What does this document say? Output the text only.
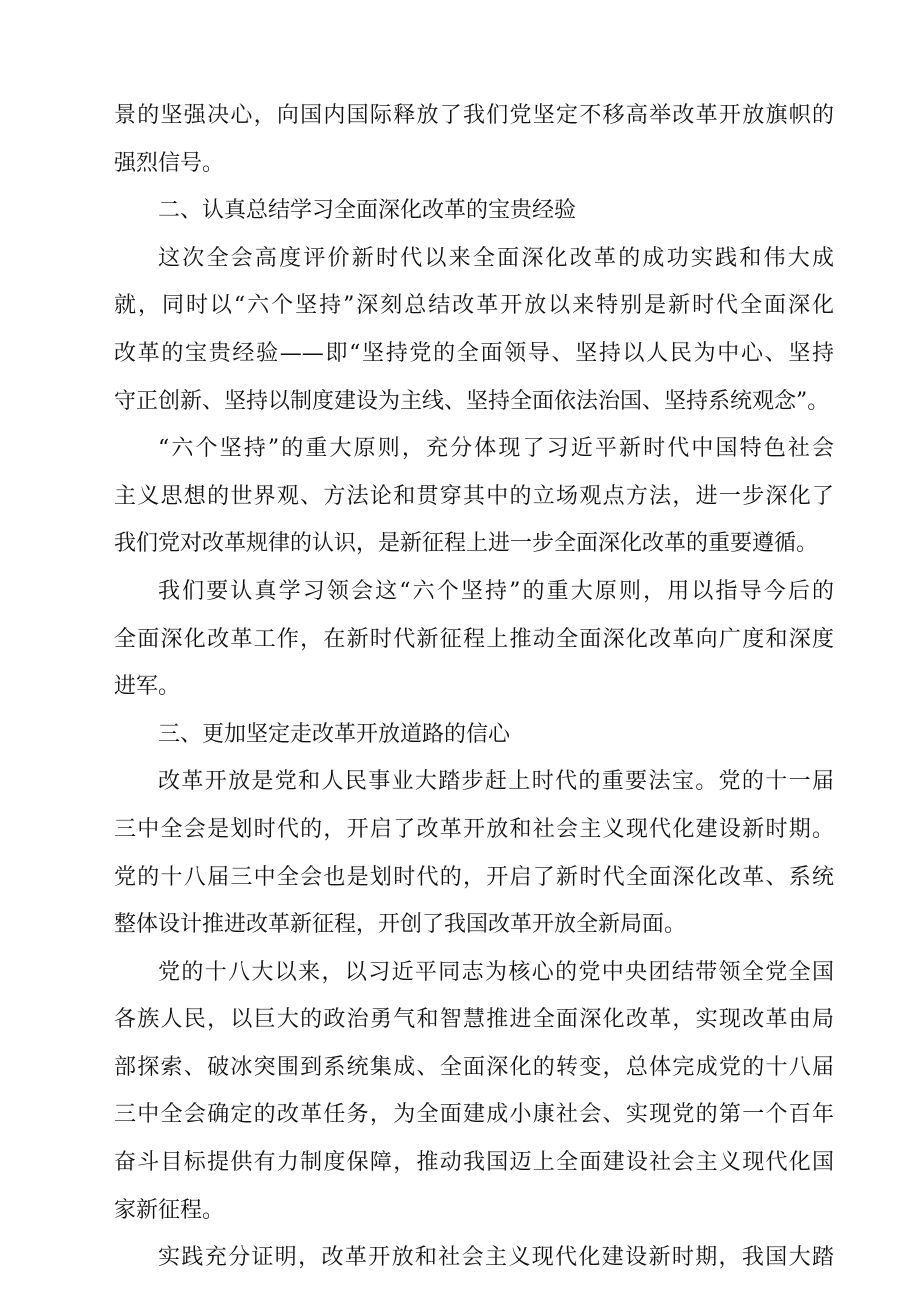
景的坚强决心，向国内国际释放了我们党坚定不移高举改革开放旗帜的
强烈信号。
二、认真总结学习全面深化改革的宝贵经验
这次全会高度评价新时代以来全面深化改革的成功实践和伟大成
就，同时以“六个坚持”深刻总结改革开放以来特别是新时代全面深化
改革的宝贵经验——即“坚持党的全面领导、坚持以人民为中心、坚持
守正创新、坚持以制度建设为主线、坚持全面依法治国、坚持系统观念”。
“六个坚持”的重大原则，充分体现了习近平新时代中国特色社会
主义思想的世界观、方法论和贯穿其中的立场观点方法，进一步深化了
我们党对改革规律的认识，是新征程上进一步全面深化改革的重要遵循。
我们要认真学习领会这“六个坚持”的重大原则，用以指导今后的
全面深化改革工作，在新时代新征程上推动全面深化改革向广度和深度
进军。
三、更加坚定走改革开放道路的信心
改革开放是党和人民事业大踏步赶上时代的重要法宝。党的十一届
三中全会是划时代的，开启了改革开放和社会主义现代化建设新时期。
党的十八届三中全会也是划时代的，开启了新时代全面深化改革、系统
整体设计推进改革新征程，开创了我国改革开放全新局面。
党的十八大以来，以习近平同志为核心的党中央团结带领全党全国
各族人民，以巨大的政治勇气和智慧推进全面深化改革，实现改革由局
部探索、破冰突围到系统集成、全面深化的转变，总体完成党的十八届
三中全会确定的改革任务，为全面建成小康社会、实现党的第一个百年
奋斗目标提供有力制度保障，推动我国迈上全面建设社会主义现代化国
家新征程。
实践充分证明，改革开放和社会主义现代化建设新时期，我国大踏
